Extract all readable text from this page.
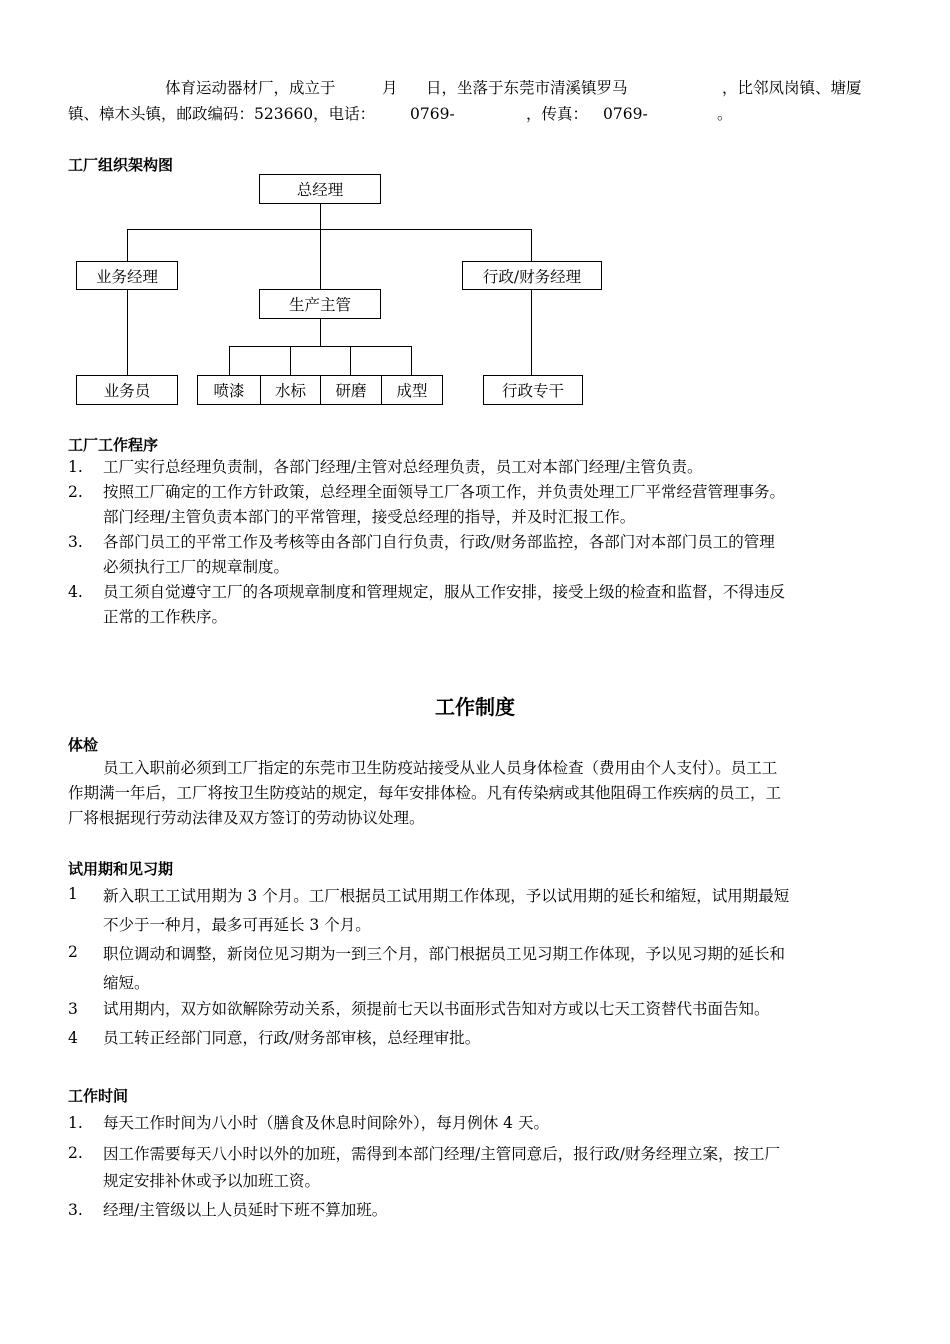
体育运动器材厂，成立于	月 日，坐落于东莞市清溪镇罗马	，比邻凤岗镇、塘厦
镇、樟木头镇，邮政编码：523660，电话： 0769-	，传真： 0769-	。
工厂组织架构图
总经理
业务经理	行政/财务经理
生产主管
业务员	喷漆	水标	研磨	成型	行政专干
工厂工作程序
1. 工厂实行总经理负责制，各部门经理/主管对总经理负责，员工对本部门经理/主管负责。
2. 按照工厂确定的工作方针政策，总经理全面领导工厂各项工作，并负责处理工厂平常经营管理事务。
部门经理/主管负责本部门的平常管理，接受总经理的指导，并及时汇报工作。
3. 各部门员工的平常工作及考核等由各部门自行负责，行政/财务部监控，各部门对本部门员工的管理
必须执行工厂的规章制度。
4. 员工须自觉遵守工厂的各项规章制度和管理规定，服从工作安排，接受上级的检查和监督，不得违反
正常的工作秩序。
工作制度
体检
员工入职前必须到工厂指定的东莞市卫生防疫站接受从业人员身体检查（费用由个人支付）。员工工
作期满一年后，工厂将按卫生防疫站的规定，每年安排体检。凡有传染病或其他阻碍工作疾病的员工，工
厂将根据现行劳动法律及双方签订的劳动协议处理。
试用期和见习期
1 新入职工工试用期为 3 个月。工厂根据员工试用期工作体现，予以试用期的延长和缩短，试用期最短
不少于一种月，最多可再延长 3 个月。
2 职位调动和调整，新岗位见习期为一到三个月，部门根据员工见习期工作体现，予以见习期的延长和
缩短。
3 试用期内，双方如欲解除劳动关系，须提前七天以书面形式告知对方或以七天工资替代书面告知。
4 员工转正经部门同意，行政/财务部审核，总经理审批。
工作时间
1. 每天工作时间为八小时（膳食及休息时间除外），每月例休 4 天。
2. 因工作需要每天八小时以外的加班，需得到本部门经理/主管同意后，报行政/财务经理立案，按工厂
规定安排补休或予以加班工资。
3. 经理/主管级以上人员延时下班不算加班。
